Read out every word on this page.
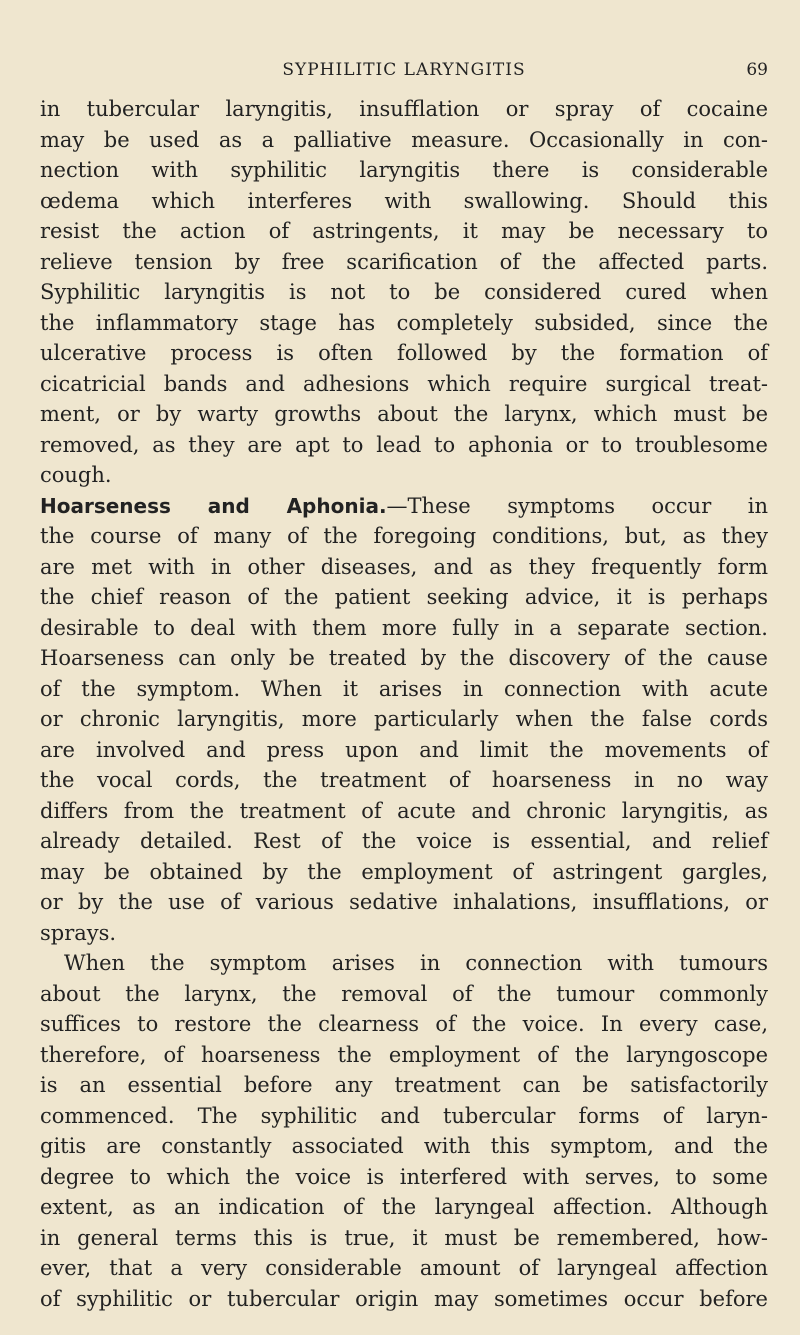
SYPHILITIC LARYNGITIS	69
in tubercular laryngitis, insufflation or spray of cocaine
may be used as a palliative measure. Occasionally in con-
nection with syphilitic laryngitis there is considerable
œdema which interferes with swallowing. Should this
resist the action of astringents, it may be necessary to
relieve tension by free scarification of the affected parts.
Syphilitic laryngitis is not to be considered cured when
the inflammatory stage has completely subsided, since the
ulcerative process is often followed by the formation of
cicatricial bands and adhesions which require surgical treat-
ment, or by warty growths about the larynx, which must be
removed, as they are apt to lead to aphonia or to troublesome
cough.
Hoarseness and Aphonia.—These symptoms occur in
the course of many of the foregoing conditions, but, as they
are met with in other diseases, and as they frequently form
the chief reason of the patient seeking advice, it is perhaps
desirable to deal with them more fully in a separate section.
Hoarseness can only be treated by the discovery of the cause
of the symptom. When it arises in connection with acute
or chronic laryngitis, more particularly when the false cords
are involved and press upon and limit the movements of
the vocal cords, the treatment of hoarseness in no way
differs from the treatment of acute and chronic laryngitis, as
already detailed. Rest of the voice is essential, and relief
may be obtained by the employment of astringent gargles,
or by the use of various sedative inhalations, insufflations, or
sprays.
When the symptom arises in connection with tumours
about the larynx, the removal of the tumour commonly
suffices to restore the clearness of the voice. In every case,
therefore, of hoarseness the employment of the laryngoscope
is an essential before any treatment can be satisfactorily
commenced. The syphilitic and tubercular forms of laryn-
gitis are constantly associated with this symptom, and the
degree to which the voice is interfered with serves, to some
extent, as an indication of the laryngeal affection. Although
in general terms this is true, it must be remembered, how-
ever, that a very considerable amount of laryngeal affection
of syphilitic or tubercular origin may sometimes occur before
